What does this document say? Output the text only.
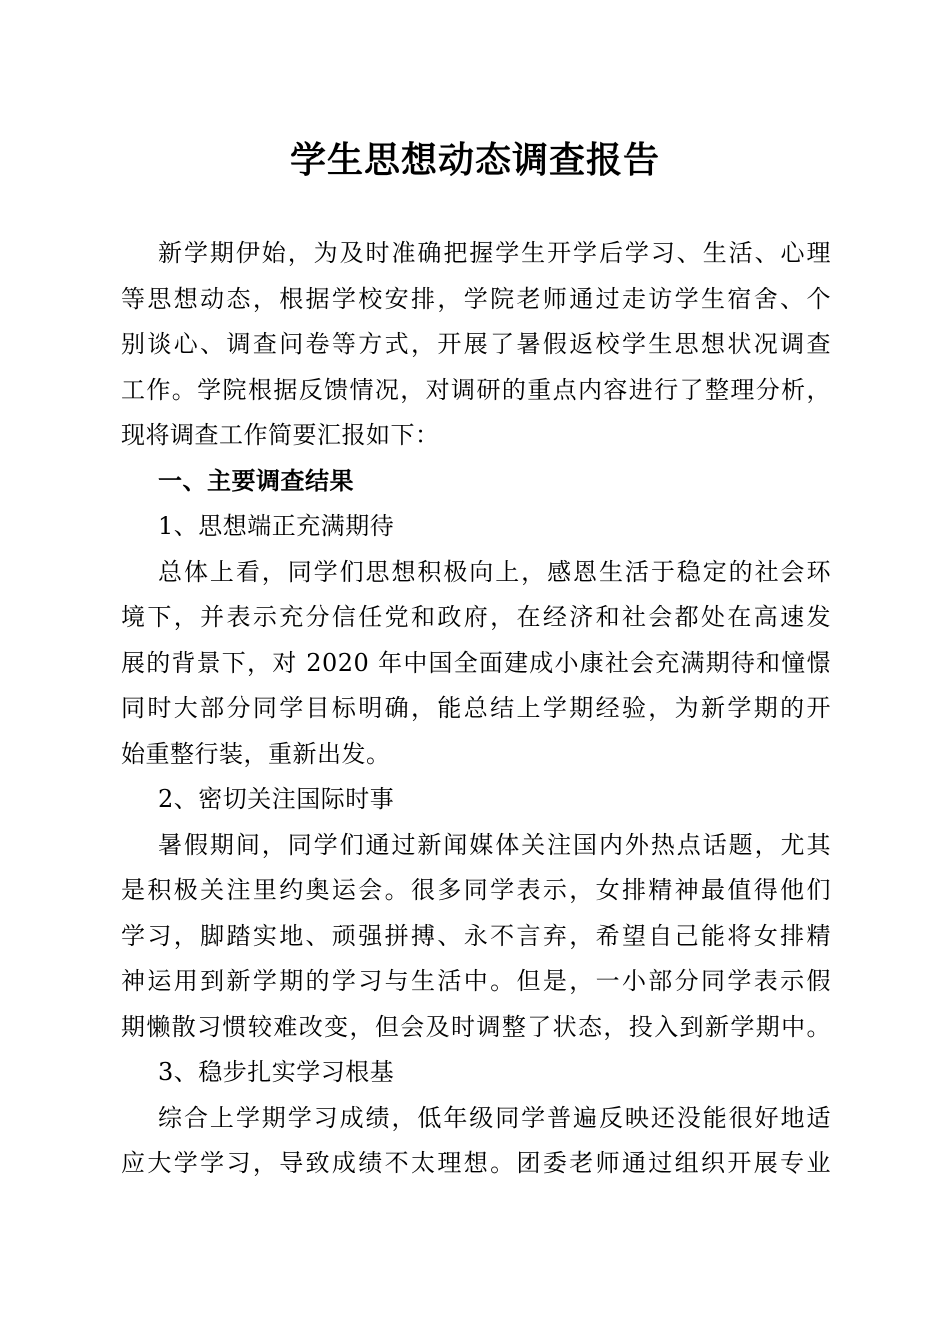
学生思想动态调查报告
新学期伊始，为及时准确把握学生开学后学习、生活、心理
等思想动态，根据学校安排，学院老师通过走访学生宿舍、个
别谈心、调查问卷等方式，开展了暑假返校学生思想状况调查
工作。学院根据反馈情况，对调研的重点内容进行了整理分析，
现将调查工作简要汇报如下：
一、主要调查结果
1、思想端正充满期待
总体上看，同学们思想积极向上，感恩生活于稳定的社会环
境下，并表示充分信任党和政府，在经济和社会都处在高速发
展的背景下，对 2020 年中国全面建成小康社会充满期待和憧憬
同时大部分同学目标明确，能总结上学期经验，为新学期的开
始重整行装，重新出发。
2、密切关注国际时事
暑假期间，同学们通过新闻媒体关注国内外热点话题，尤其
是积极关注里约奥运会。很多同学表示，女排精神最值得他们
学习，脚踏实地、顽强拼搏、永不言弃，希望自己能将女排精
神运用到新学期的学习与生活中。但是，一小部分同学表示假
期懒散习惯较难改变，但会及时调整了状态，投入到新学期中。
3、稳步扎实学习根基
综合上学期学习成绩，低年级同学普遍反映还没能很好地适
应大学学习，导致成绩不太理想。团委老师通过组织开展专业
